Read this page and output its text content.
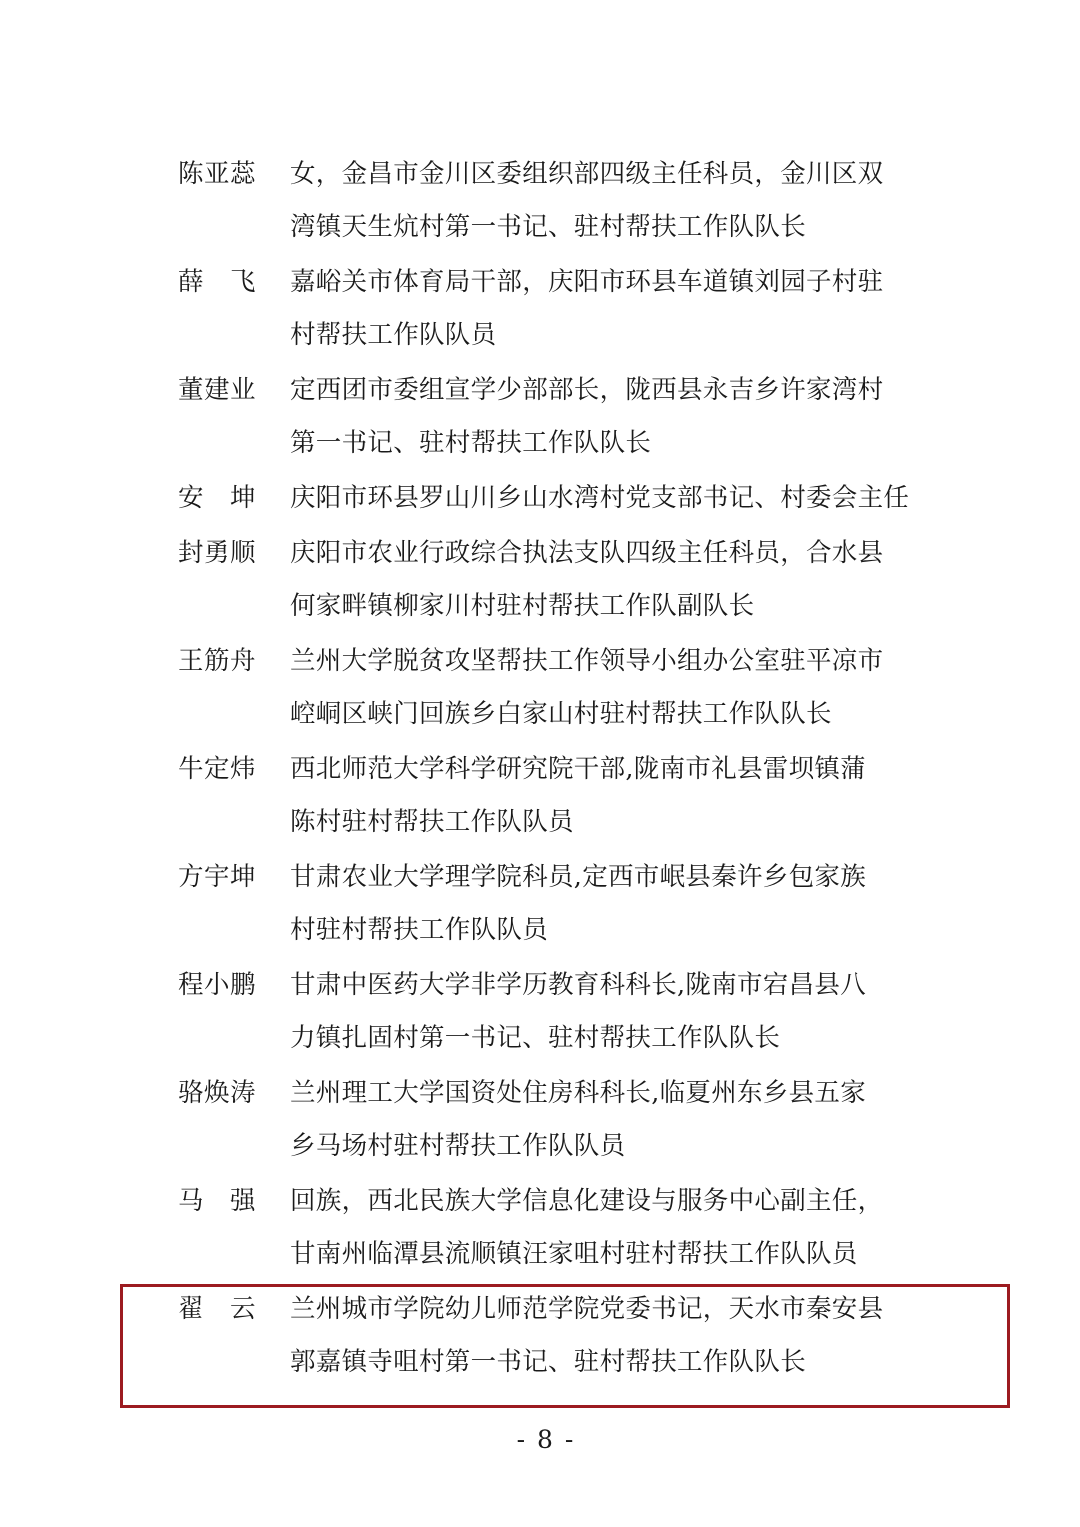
陈亚蕊	女，金昌市金川区委组织部四级主任科员，金川区双
湾镇天生炕村第一书记、驻村帮扶工作队队长
薛　飞	嘉峪关市体育局干部，庆阳市环县车道镇刘园子村驻
村帮扶工作队队员
董建业	定西团市委组宣学少部部长，陇西县永吉乡许家湾村
第一书记、驻村帮扶工作队队长
安　坤	庆阳市环县罗山川乡山水湾村党支部书记、村委会主任
封勇顺	庆阳市农业行政综合执法支队四级主任科员，合水县
何家畔镇柳家川村驻村帮扶工作队副队长
王筋舟	兰州大学脱贫攻坚帮扶工作领导小组办公室驻平凉市
崆峒区峡门回族乡白家山村驻村帮扶工作队队长
牛定炜	西北师范大学科学研究院干部,陇南市礼县雷坝镇蒲
陈村驻村帮扶工作队队员
方宇坤	甘肃农业大学理学院科员,定西市岷县秦许乡包家族
村驻村帮扶工作队队员
程小鹏	甘肃中医药大学非学历教育科科长,陇南市宕昌县八
力镇扎固村第一书记、驻村帮扶工作队队长
骆焕涛	兰州理工大学国资处住房科科长,临夏州东乡县五家
乡马场村驻村帮扶工作队队员
马　强	回族，西北民族大学信息化建设与服务中心副主任，
甘南州临潭县流顺镇汪家咀村驻村帮扶工作队队员
翟　云	兰州城市学院幼儿师范学院党委书记，天水市秦安县
郭嘉镇寺咀村第一书记、驻村帮扶工作队队长
- 8 -
